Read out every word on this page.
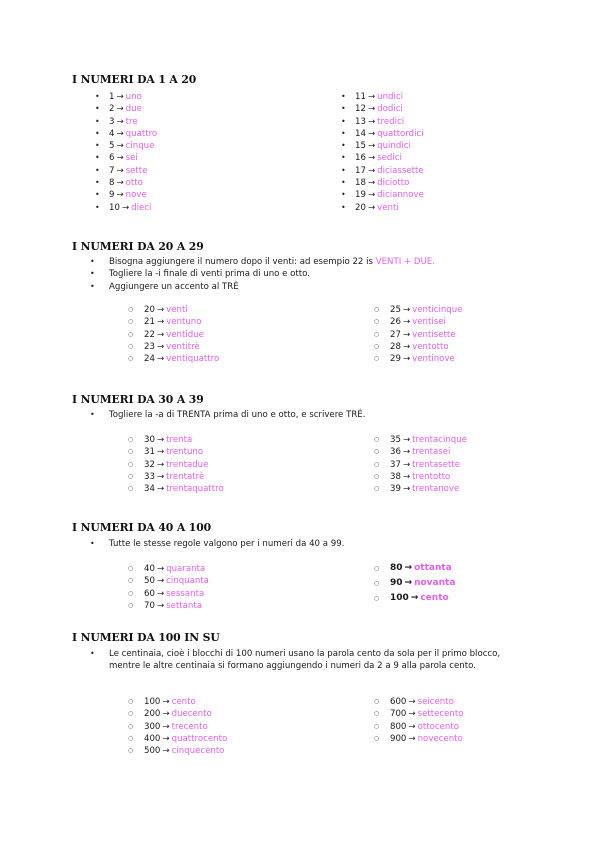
I NUMERI DA 1 A 20
• 1 → uno
• 2 → due
• 3 → tre
• 4 → quattro
• 5 → cinque
• 6 → sei
• 7 → sette
• 8 → otto
• 9 → nove
• 10 → dieci
• 11 → undici
• 12 → dodici
• 13 → tredici
• 14 → quattordici
• 15 → quindici
• 16 → sedici
• 17 → diciassette
• 18 → diciotto
• 19 → diciannove
• 20 → venti
I NUMERI DA 20 A 29
• Bisogna aggiungere il numero dopo il venti: ad esempio 22 is VENTI + DUE.
• Togliere la -i finale di venti prima di uno e otto.
• Aggiungere un accento al TRÈ
○ 20 → venti
○ 21 → ventuno
○ 22 → ventidue
○ 23 → ventitrè
○ 24 → ventiquattro
○ 25 → venticinque
○ 26 → ventisei
○ 27 → ventisette
○ 28 → ventotto
○ 29 → ventinove
I NUMERI DA 30 A 39
• Togliere la -a di TRENTA prima di uno e otto, e scrivere TRÉ.
○ 30 → trenta
○ 31 → trentuno
○ 32 → trentadue
○ 33 → trentatrè
○ 34 → trentaquattro
○ 35 → trentacinque
○ 36 → trentasei
○ 37 → trentasette
○ 38 → trentotto
○ 39 → trentanove
I NUMERI DA 40 A 100
• Tutte le stesse regole valgono per i numeri da 40 a 99.
○ 40 → quaranta
○ 50 → cinquanta
○ 60 → sessanta
○ 70 → settanta
○ 80 → ottanta
○ 90 → novanta
○ 100 → cento
I NUMERI DA 100 IN SU
• Le centinaia, cioè i blocchi di 100 numeri usano la parola cento da sola per il primo blocco, mentre le altre centinaia si formano aggiungendo i numeri da 2 a 9 alla parola cento.
○ 100 → cento
○ 200 → duecento
○ 300 → trecento
○ 400 → quattrocento
○ 500 → cinquecento
○ 600 → seicento
○ 700 → settecento
○ 800 → ottocento
○ 900 → novecento
